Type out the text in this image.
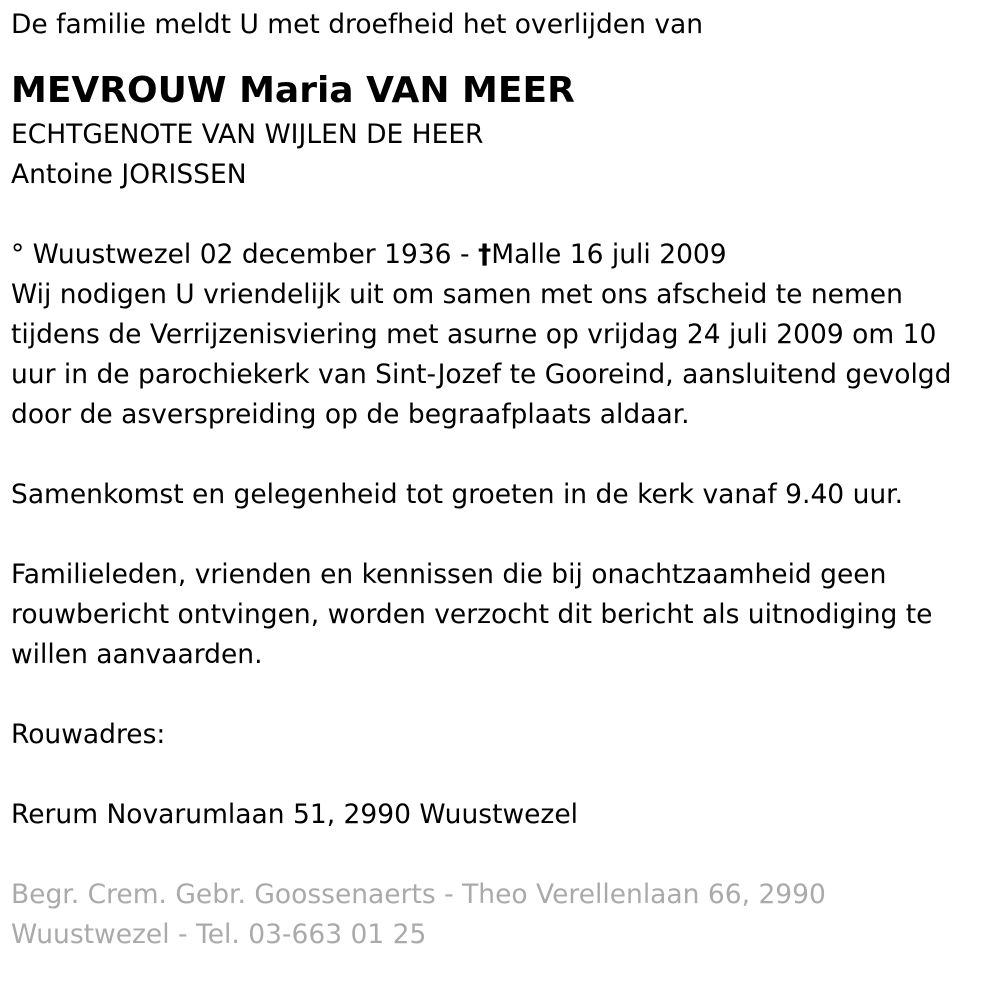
De familie meldt U met droefheid het overlijden van
MEVROUW Maria VAN MEER
ECHTGENOTE VAN WIJLEN DE HEER
Antoine JORISSEN
° Wuustwezel 02 december 1936 - †Malle 16 juli 2009
Wij nodigen U vriendelijk uit om samen met ons afscheid te nemen
tijdens de Verrijzenisviering met asurne op vrijdag 24 juli 2009 om 10
uur in de parochiekerk van Sint-Jozef te Gooreind, aansluitend gevolgd
door de asverspreiding op de begraafplaats aldaar.
Samenkomst en gelegenheid tot groeten in de kerk vanaf 9.40 uur.
Familieleden, vrienden en kennissen die bij onachtzaamheid geen
rouwbericht ontvingen, worden verzocht dit bericht als uitnodiging te
willen aanvaarden.
Rouwadres:
Rerum Novarumlaan 51, 2990 Wuustwezel
Begr. Crem. Gebr. Goossenaerts - Theo Verellenlaan 66, 2990
Wuustwezel - Tel. 03-663 01 25
